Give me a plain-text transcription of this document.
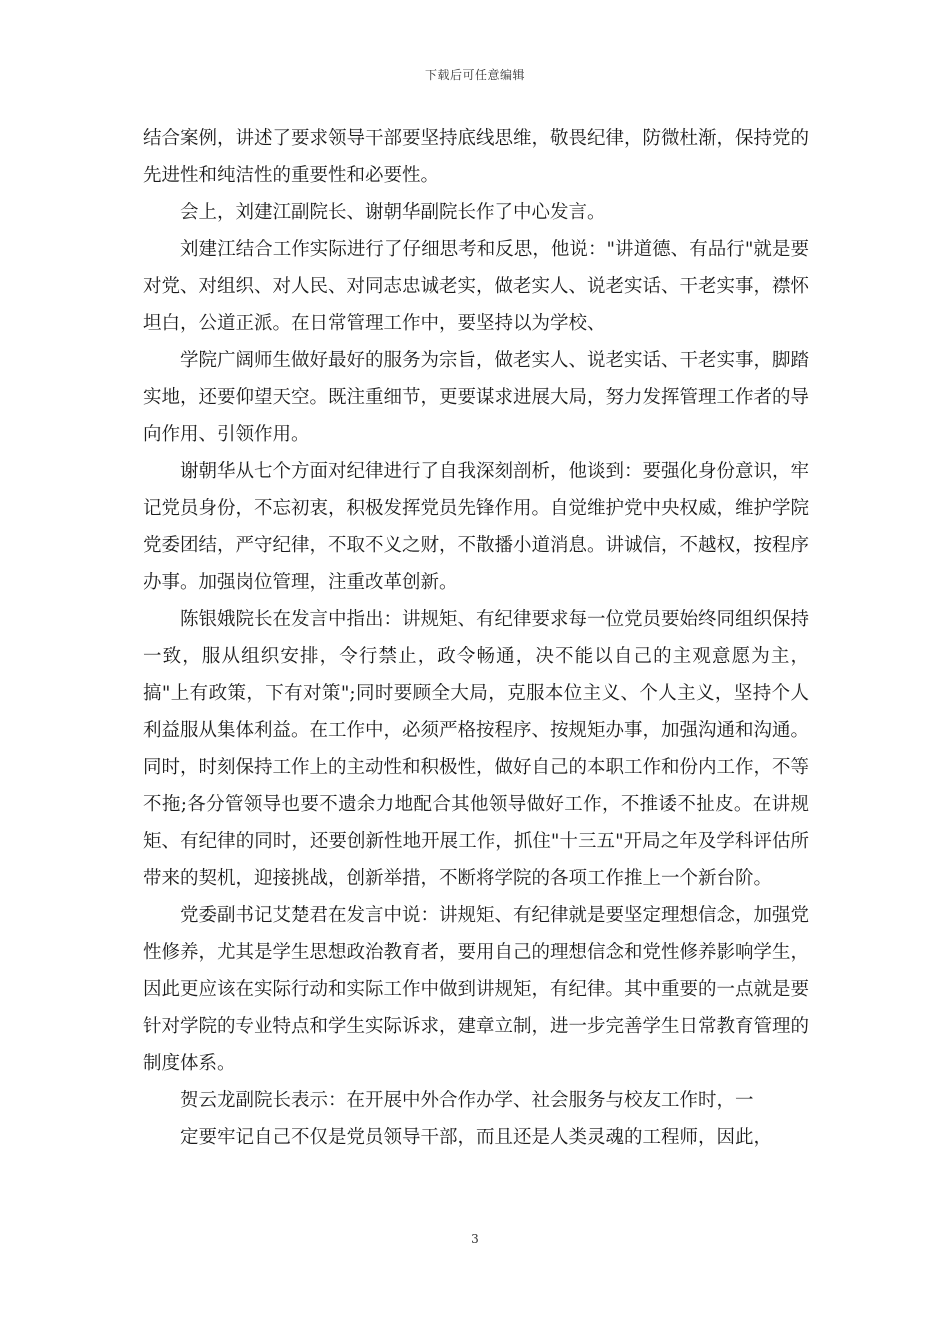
下载后可任意编辑

结合案例，讲述了要求领导干部要坚持底线思维，敬畏纪律，防微杜渐，保持党的先进性和纯洁性的重要性和必要性。

会上，刘建江副院长、谢朝华副院长作了中心发言。

刘建江结合工作实际进行了仔细思考和反思，他说："讲道德、有品行"就是要对党、对组织、对人民、对同志忠诚老实，做老实人、说老实话、干老实事，襟怀坦白，公道正派。在日常管理工作中，要坚持以为学校、

学院广阔师生做好最好的服务为宗旨，做老实人、说老实话、干老实事，脚踏实地，还要仰望天空。既注重细节，更要谋求进展大局，努力发挥管理工作者的导向作用、引领作用。

谢朝华从七个方面对纪律进行了自我深刻剖析，他谈到：要强化身份意识，牢记党员身份，不忘初衷，积极发挥党员先锋作用。自觉维护党中央权威，维护学院党委团结，严守纪律，不取不义之财，不散播小道消息。讲诚信，不越权，按程序办事。加强岗位管理，注重改革创新。

陈银娥院长在发言中指出：讲规矩、有纪律要求每一位党员要始终同组织保持一致，服从组织安排，令行禁止，政令畅通，决不能以自己的主观意愿为主，搞"上有政策，下有对策";同时要顾全大局，克服本位主义、个人主义，坚持个人利益服从集体利益。在工作中，必须严格按程序、按规矩办事，加强沟通和沟通。同时，时刻保持工作上的主动性和积极性，做好自己的本职工作和份内工作，不等不拖;各分管领导也要不遗余力地配合其他领导做好工作，不推诿不扯皮。在讲规矩、有纪律的同时，还要创新性地开展工作，抓住"十三五"开局之年及学科评估所带来的契机，迎接挑战，创新举措，不断将学院的各项工作推上一个新台阶。

党委副书记艾楚君在发言中说：讲规矩、有纪律就是要坚定理想信念，加强党性修养，尤其是学生思想政治教育者，要用自己的理想信念和党性修养影响学生，因此更应该在实际行动和实际工作中做到讲规矩，有纪律。其中重要的一点就是要针对学院的专业特点和学生实际诉求，建章立制，进一步完善学生日常教育管理的制度体系。

贺云龙副院长表示：在开展中外合作办学、社会服务与校友工作时，一

定要牢记自己不仅是党员领导干部，而且还是人类灵魂的工程师，因此，

3
